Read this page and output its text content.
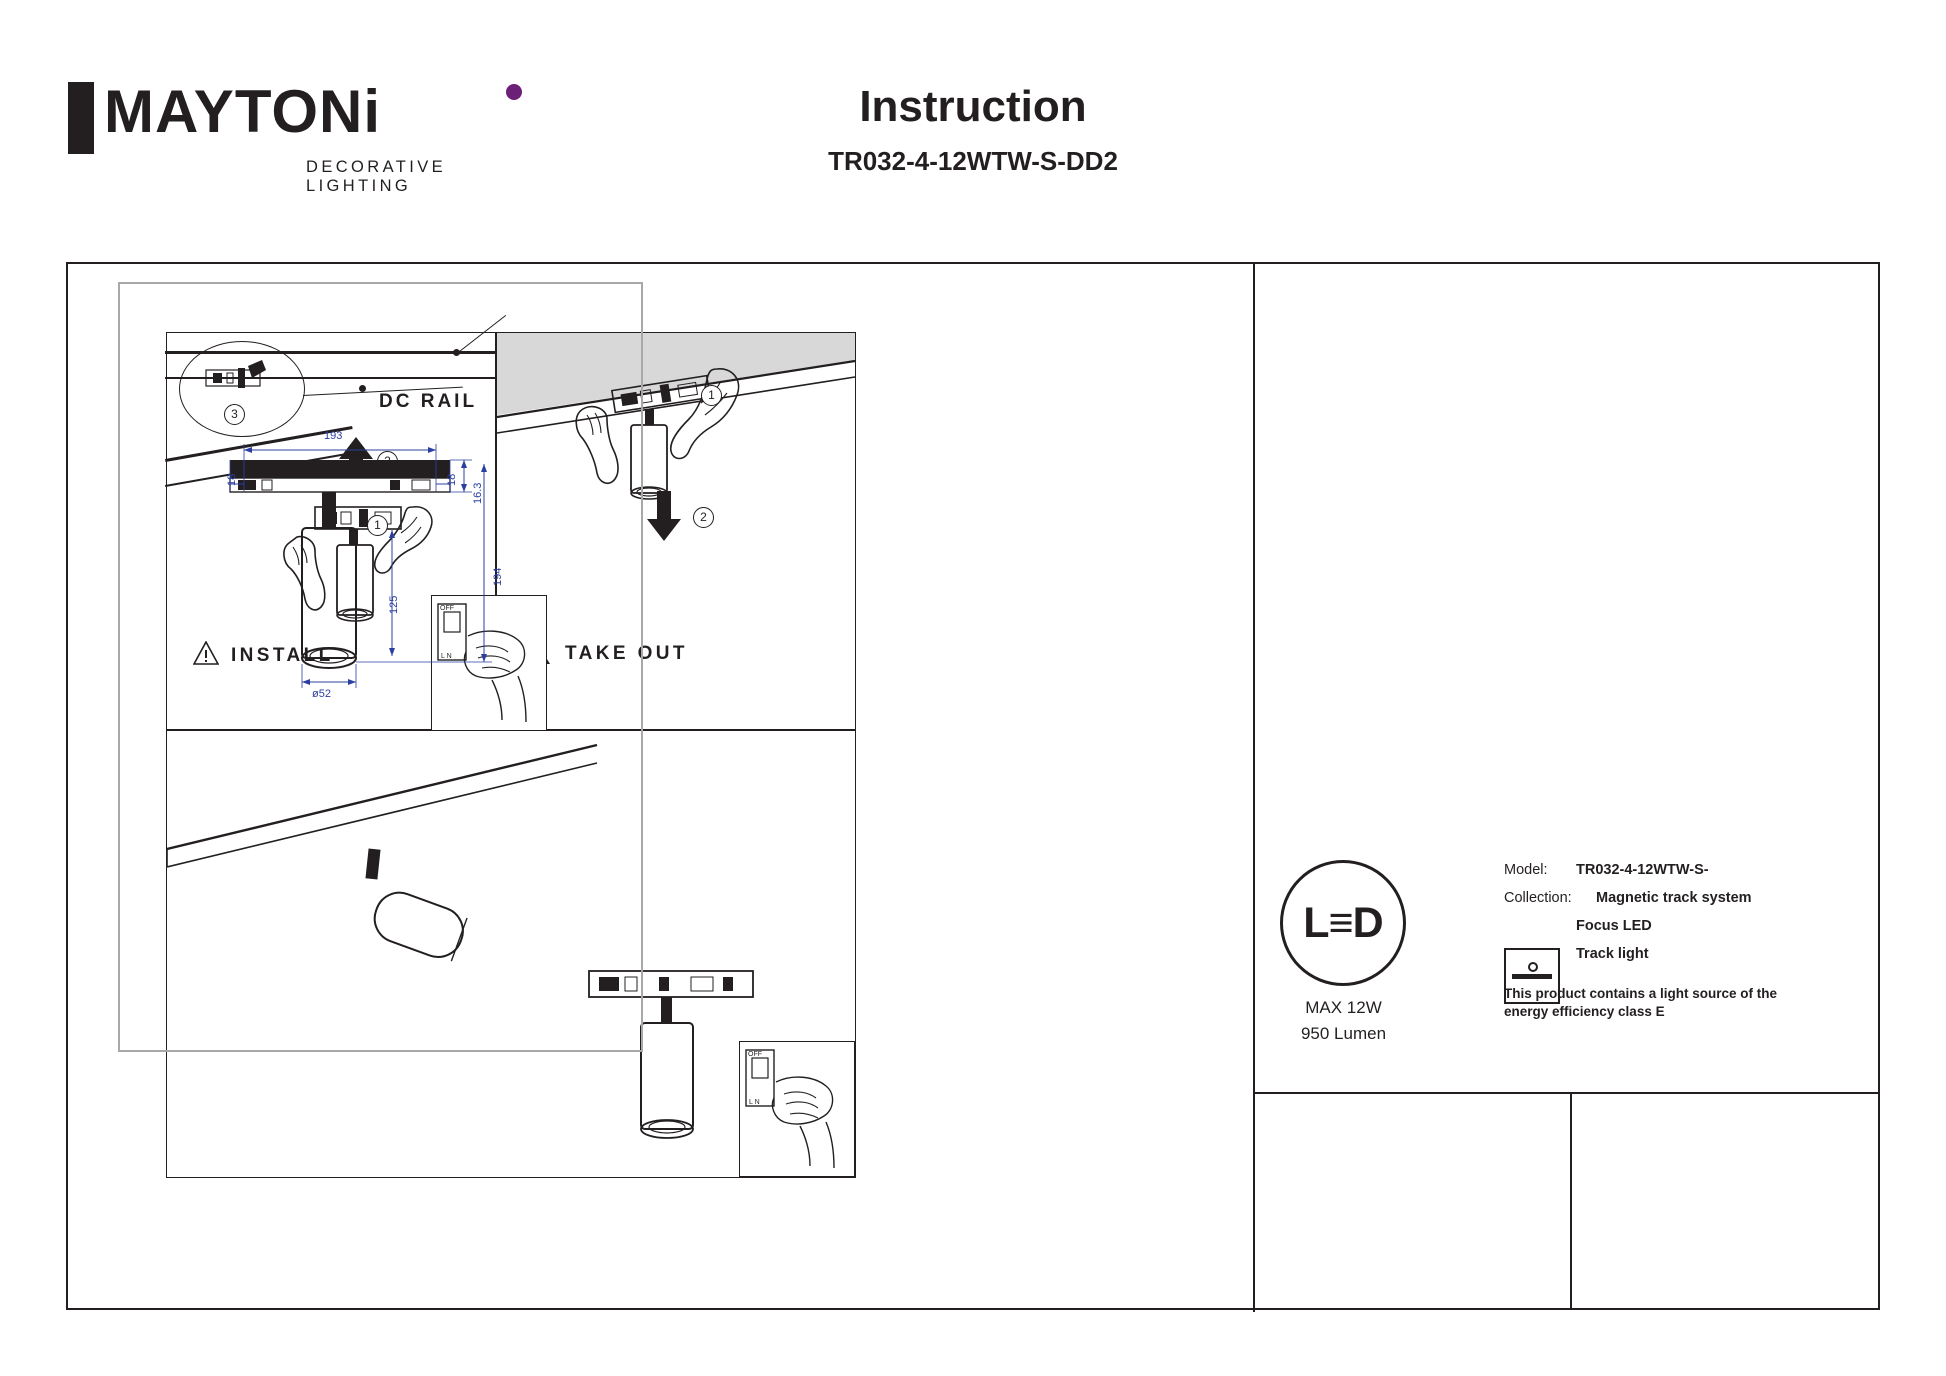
MAYTONi
DECORATIVE LIGHTING
Instruction
TR032-4-12WTW-S-DD2
3
DC RAIL
1
INSTALL
1
2
TAKE OUT
OFF
L N
OFF
L N
193
18	18
16.3
125
194
ø52
L≡D
MAX 12W
950 Lumen
Model: TR032-4-12WTW-S-
Collection: Magnetic track system
Focus LED
Track light
This product contains a light source of the energy efficiency class E
